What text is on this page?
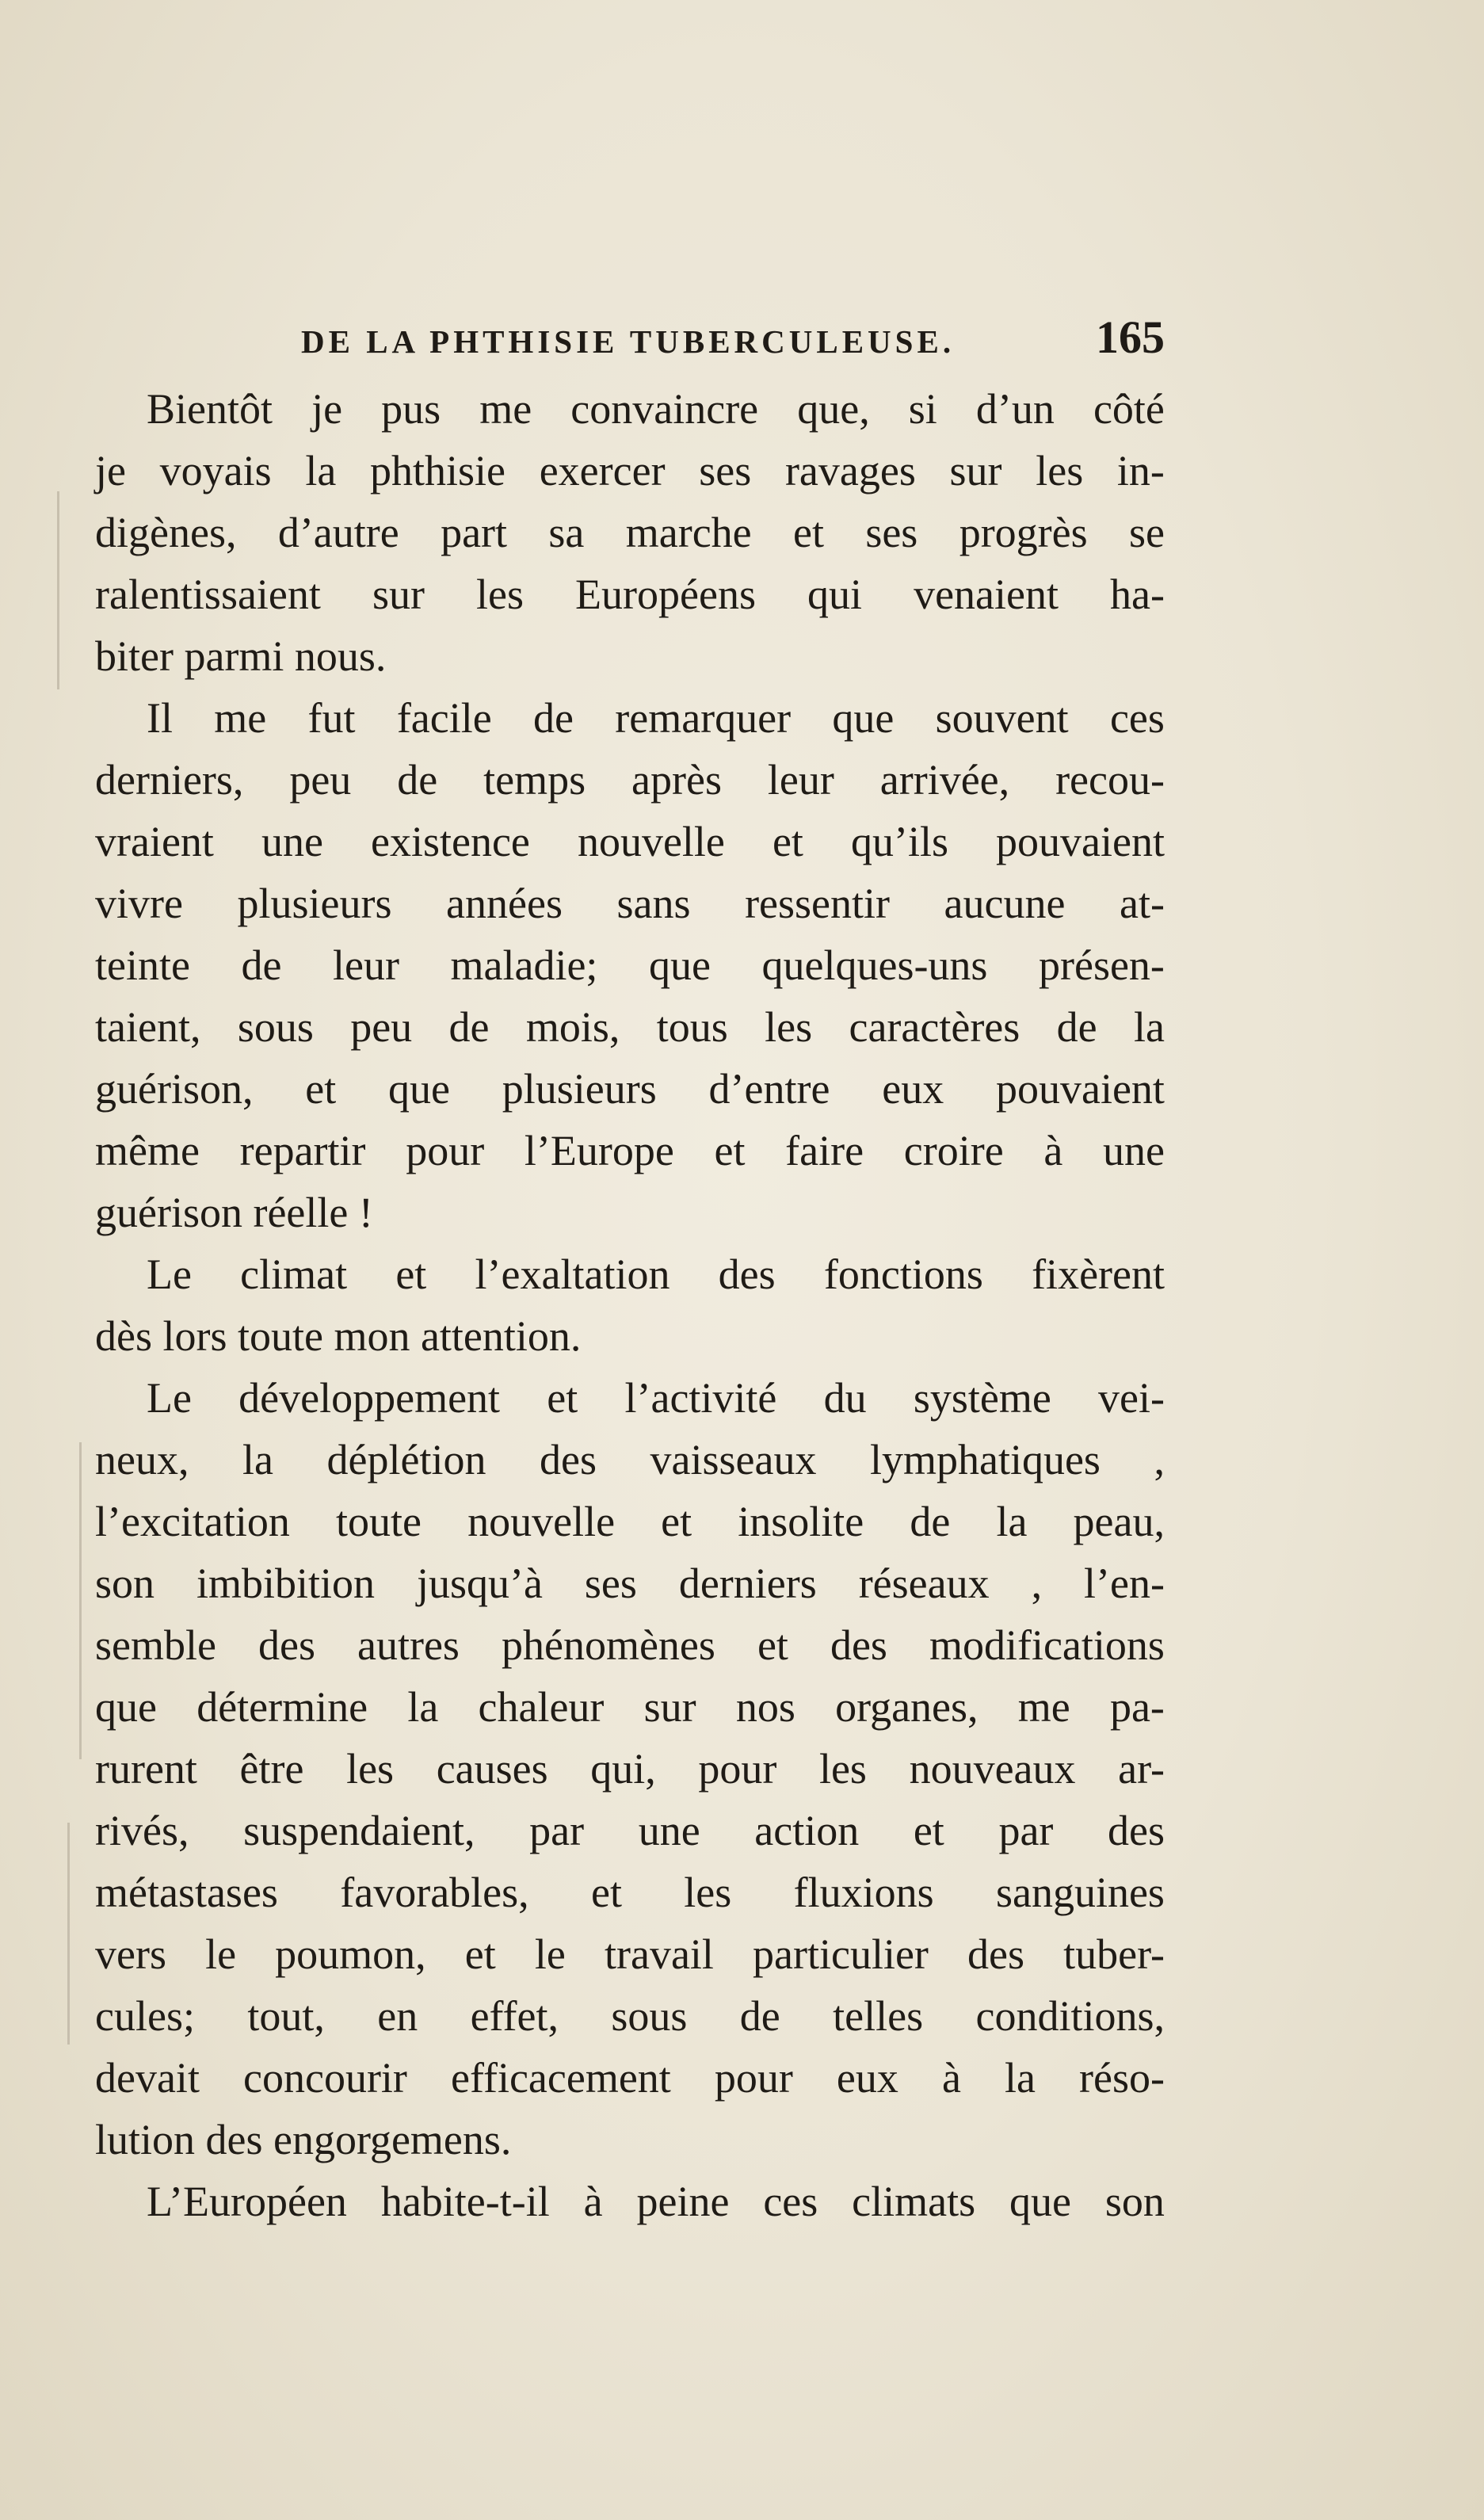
DE LA PHTHISIE TUBERCULEUSE.	165
Bientôt je pus me convaincre que, si d’un côté
je voyais la phthisie exercer ses ravages sur les in-
digènes, d’autre part sa marche et ses progrès se
ralentissaient sur les Européens qui venaient ha-
biter parmi nous.
Il me fut facile de remarquer que souvent ces
derniers, peu de temps après leur arrivée, recou-
vraient une existence nouvelle et qu’ils pouvaient
vivre plusieurs années sans ressentir aucune at-
teinte de leur maladie; que quelques-uns présen-
taient, sous peu de mois, tous les caractères de la
guérison, et que plusieurs d’entre eux pouvaient
même repartir pour l’Europe et faire croire à une
guérison réelle !
Le climat et l’exaltation des fonctions fixèrent
dès lors toute mon attention.
Le développement et l’activité du système vei-
neux, la déplétion des vaisseaux lymphatiques ,
l’excitation toute nouvelle et insolite de la peau,
son imbibition jusqu’à ses derniers réseaux , l’en-
semble des autres phénomènes et des modifications
que détermine la chaleur sur nos organes, me pa-
rurent être les causes qui, pour les nouveaux ar-
rivés, suspendaient, par une action et par des
métastases favorables, et les fluxions sanguines
vers le poumon, et le travail particulier des tuber-
cules; tout, en effet, sous de telles conditions,
devait concourir efficacement pour eux à la réso-
lution des engorgemens.
L’Européen habite-t-il à peine ces climats que son
